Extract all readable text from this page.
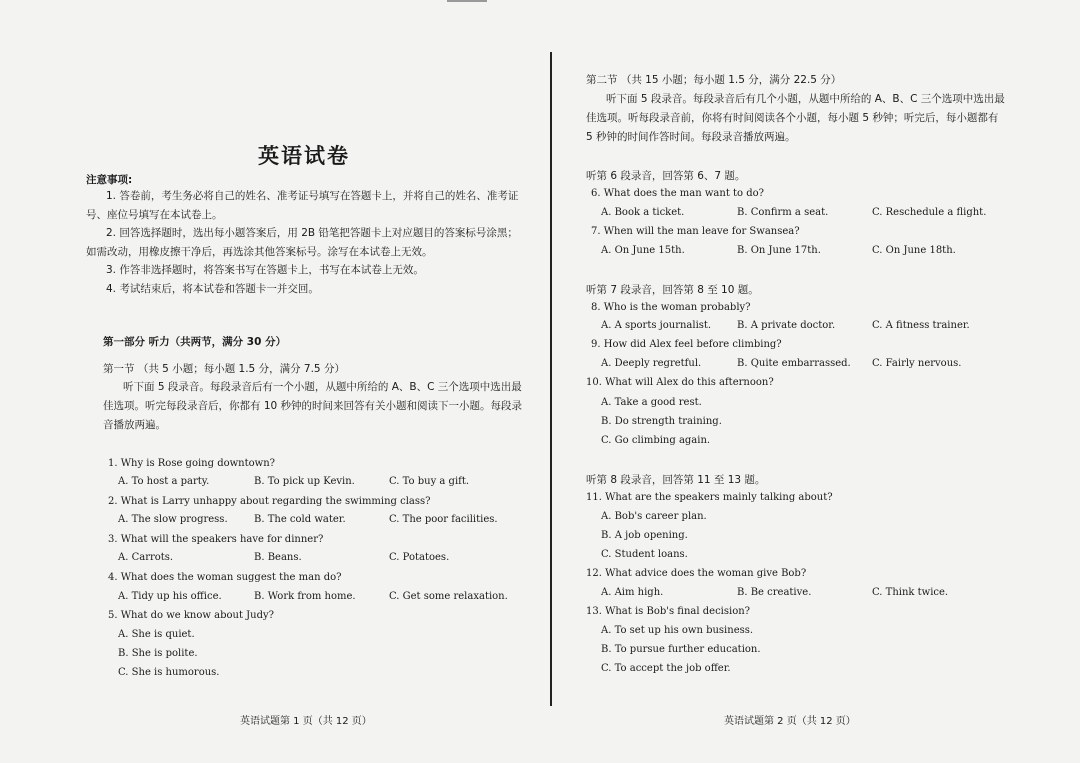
英语试卷
注意事项:
1. 答卷前，考生务必将自己的姓名、准考证号填写在答题卡上，并将自己的姓名、准考证号、座位号填写在本试卷上。
2. 回答选择题时，选出每小题答案后，用 2B 铅笔把答题卡上对应题目的答案标号涂黑；如需改动，用橡皮擦干净后，再选涂其他答案标号。涂写在本试卷上无效。
3. 作答非选择题时，将答案书写在答题卡上，书写在本试卷上无效。
4. 考试结束后，将本试卷和答题卡一并交回。
第一部分 听力（共两节，满分 30 分）
第一节 （共 5 小题；每小题 1.5 分，满分 7.5 分）
听下面 5 段录音。每段录音后有一个小题，从题中所给的 A、B、C 三个选项中选出最佳选项。听完每段录音后，你都有 10 秒钟的时间来回答有关小题和阅读下一小题。每段录音播放两遍。
1. Why is Rose going downtown?
A. To host a party.	B. To pick up Kevin.	C. To buy a gift.
2. What is Larry unhappy about regarding the swimming class?
A. The slow progress.	B. The cold water.	C. The poor facilities.
3. What will the speakers have for dinner?
A. Carrots.	B. Beans.	C. Potatoes.
4. What does the woman suggest the man do?
A. Tidy up his office.	B. Work from home.	C. Get some relaxation.
5. What do we know about Judy?
A. She is quiet.
B. She is polite.
C. She is humorous.
英语试题第 1 页（共 12 页）
第二节 （共 15 小题；每小题 1.5 分，满分 22.5 分）
听下面 5 段录音。每段录音后有几个小题，从题中所给的 A、B、C 三个选项中选出最佳选项。听每段录音前，你将有时间阅读各个小题，每小题 5 秒钟；听完后，每小题都有 5 秒钟的时间作答时间。每段录音播放两遍。
听第 6 段录音，回答第 6、7 题。
6. What does the man want to do?
A. Book a ticket.	B. Confirm a seat.	C. Reschedule a flight.
7. When will the man leave for Swansea?
A. On June 15th.	B. On June 17th.	C. On June 18th.
听第 7 段录音，回答第 8 至 10 题。
8. Who is the woman probably?
A. A sports journalist.	B. A private doctor.	C. A fitness trainer.
9. How did Alex feel before climbing?
A. Deeply regretful.	B. Quite embarrassed. C. Fairly nervous.
10. What will Alex do this afternoon?
A. Take a good rest.
B. Do strength training.
C. Go climbing again.
听第 8 段录音，回答第 11 至 13 题。
11. What are the speakers mainly talking about?
A. Bob's career plan.
B. A job opening.
C. Student loans.
12. What advice does the woman give Bob?
A. Aim high.	B. Be creative.	C. Think twice.
13. What is Bob's final decision?
A. To set up his own business.
B. To pursue further education.
C. To accept the job offer.
英语试题第 2 页（共 12 页）
